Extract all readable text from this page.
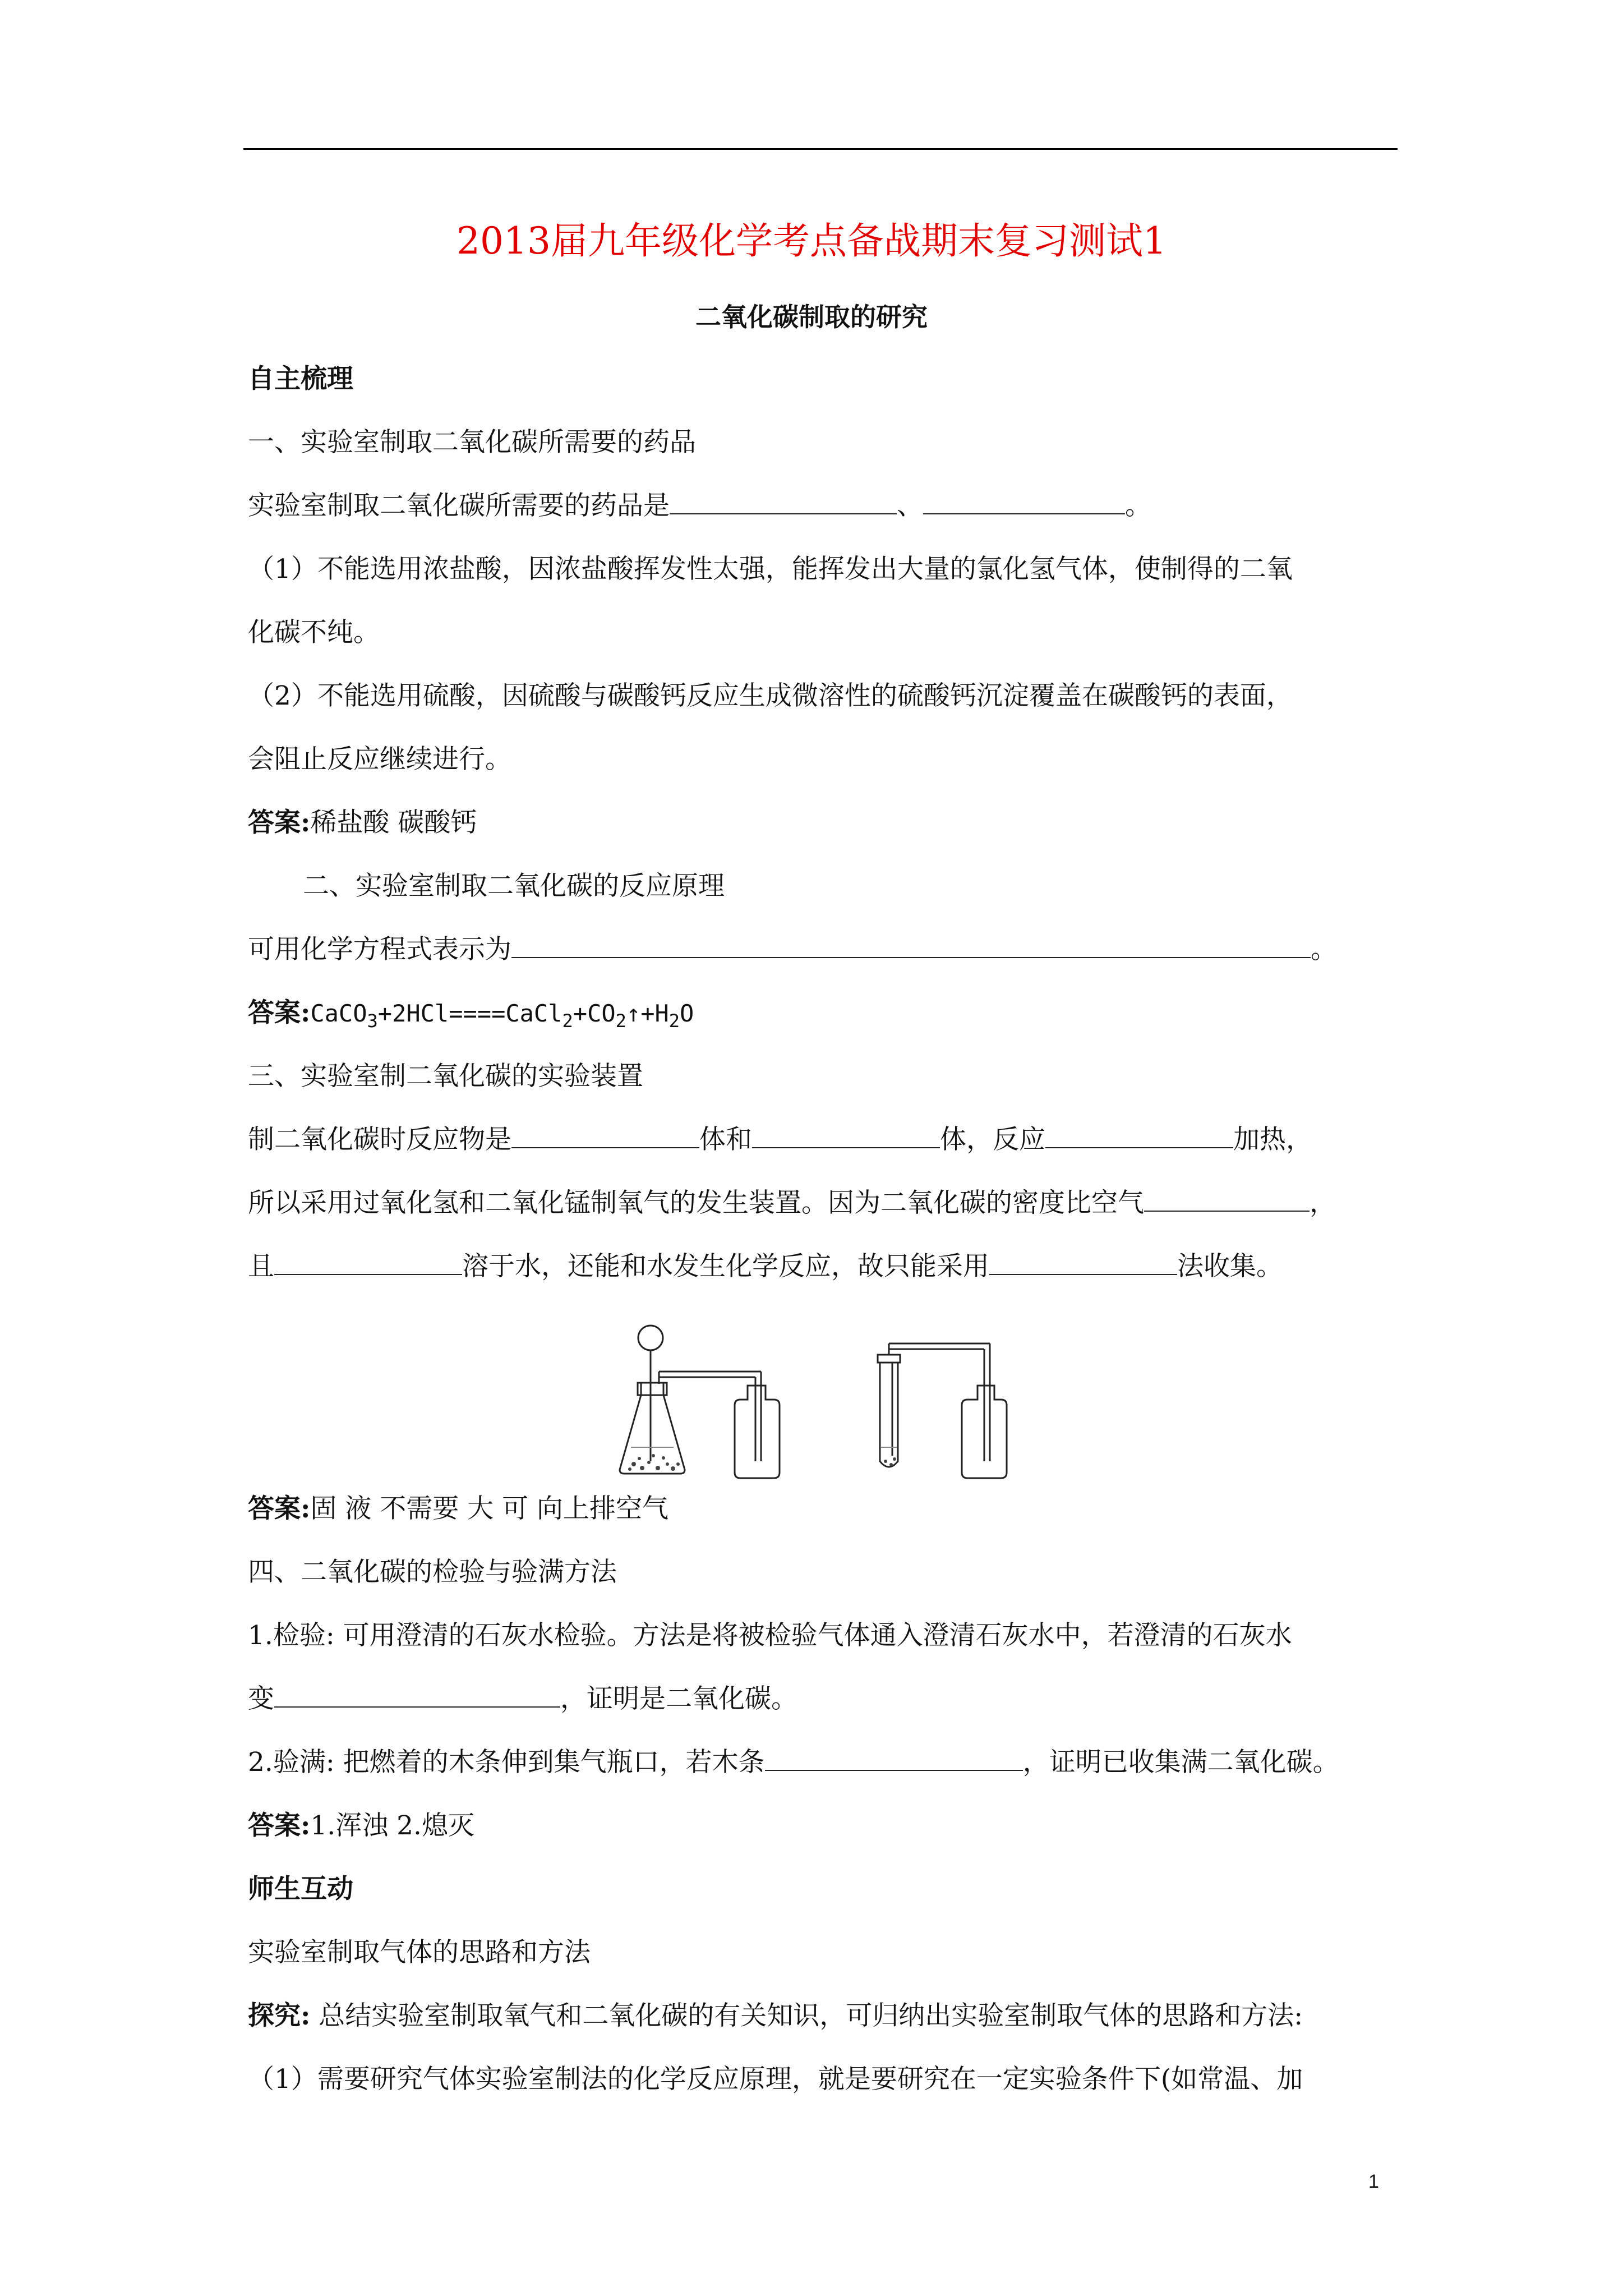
2013届九年级化学考点备战期末复习测试1
二氧化碳制取的研究
自主梳理
一、实验室制取二氧化碳所需要的药品
实验室制取二氧化碳所需要的药品是	、	。
（1）不能选用浓盐酸，因浓盐酸挥发性太强，能挥发出大量的氯化氢气体，使制得的二氧
化碳不纯。
（2）不能选用硫酸，因硫酸与碳酸钙反应生成微溶性的硫酸钙沉淀覆盖在碳酸钙的表面，
会阻止反应继续进行。
答案:稀盐酸 碳酸钙
二、实验室制取二氧化碳的反应原理
可用化学方程式表示为	。
答案$:CaCO_3+2HCl====CaCl_2+CO_2↑+H_2O$
三、实验室制二氧化碳的实验装置
制二氧化碳时反应物是	体和	体，反应	加热，
所以采用过氧化氢和二氧化锰制氧气的发生装置。因为二氧化碳的密度比空气	，
且	溶于水，还能和水发生化学反应，故只能采用	法收集。
答案:固 液 不需要 大 可 向上排空气
四、二氧化碳的检验与验满方法
1.检验: 可用澄清的石灰水检验。方法是将被检验气体通入澄清石灰水中，若澄清的石灰水
变	，证明是二氧化碳。
2.验满: 把燃着的木条伸到集气瓶口，若木条	，证明已收集满二氧化碳。
答案:1.浑浊 2.熄灭
师生互动
实验室制取气体的思路和方法
探究: 总结实验室制取氧气和二氧化碳的有关知识，可归纳出实验室制取气体的思路和方法:
（1）需要研究气体实验室制法的化学反应原理，就是要研究在一定实验条件下(如常温、加
1
